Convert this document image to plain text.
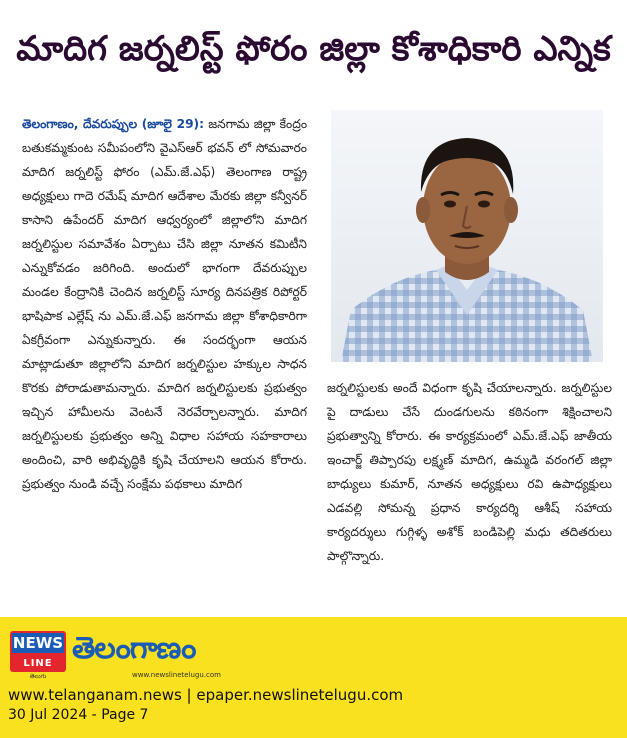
మాదిగ జర్నలిస్ట్ ఫోరం జిల్లా కోశాధికారి ఎన్నిక
తెలంగాణం, దేవరుప్పుల (జూలై 29): జనగామ జిల్లా కేంద్రం బతుకమ్మకుంట సమీపంలోని వైఎస్ఆర్ భవన్ లో సోమవారం మాదిగ జర్నలిస్ట్ ఫోరం (ఎమ్.జే.ఎఫ్) తెలంగాణ రాష్ట్ర అధ్యక్షులు గాదె రమేష్ మాదిగ ఆదేశాల మేరకు జిల్లా కన్వీనర్ కాసాని ఉపేందర్ మాదిగ ఆధ్వర్యంలో జిల్లాలోని మాదిగ జర్నలిస్టుల సమావేశం ఏర్పాటు చేసి జిల్లా నూతన కమిటీని ఎన్నుకోవడం జరిగింది. అందులో భాగంగా దేవరుప్పుల మండల కేంద్రానికి చెందిన జర్నలిస్ట్ సూర్య దినపత్రిక రిపోర్టర్ భాషిపాక ఎల్లేష్ ను ఎమ్.జే.ఎఫ్ జనగామ జిల్లా కోశాధికారిగా ఏకగ్రీవంగా ఎన్నుకున్నారు. ఈ సందర్భంగా ఆయన మాట్లాడుతూ జిల్లాలోని మాదిగ జర్నలిస్టుల హక్కుల సాధన కొరకు పోరాడుతామన్నారు. మాదిగ జర్నలిస్టులకు ప్రభుత్వం ఇచ్చిన హామీలను వెంటనే నెరవేర్చాలన్నారు. మాదిగ జర్నలిస్టులకు ప్రభుత్వం అన్ని విధాల సహాయ సహకారాలు అందించి, వారి అభివృద్ధికి కృషి చేయాలని ఆయన కోరారు. ప్రభుత్వం నుండి వచ్చే సంక్షేమ పథకాలు మాదిగ
జర్నలిస్టులకు అందే విధంగా కృషి చేయాలన్నారు. జర్నలిస్టుల పై దాడులు చేసే దుండగులను కఠినంగా శిక్షించాలని ప్రభుత్వాన్ని కోరారు. ఈ కార్యక్రమంలో ఎమ్.జే.ఎఫ్ జాతీయ ఇంచార్జ్ తిప్పారపు లక్ష్మణ్ మాదిగ, ఉమ్మడి వరంగల్ జిల్లా బాధ్యులు కుమార్, నూతన అధ్యక్షులు రవి ఉపాధ్యక్షులు ఎడవల్లి సోమన్న ప్రధాన కార్యదర్శి ఆశీష్ సహాయ కార్యదర్శులు గుగ్గిళ్ళ అశోక్ బండిపెల్లి మధు తదితరులు పాల్గొన్నారు.
NEWS
LINE
తెలుగు
తెలంగాణం
www.newslinetelugu.com
www.telanganam.news | epaper.newslinetelugu.com
30 Jul 2024 - Page 7
